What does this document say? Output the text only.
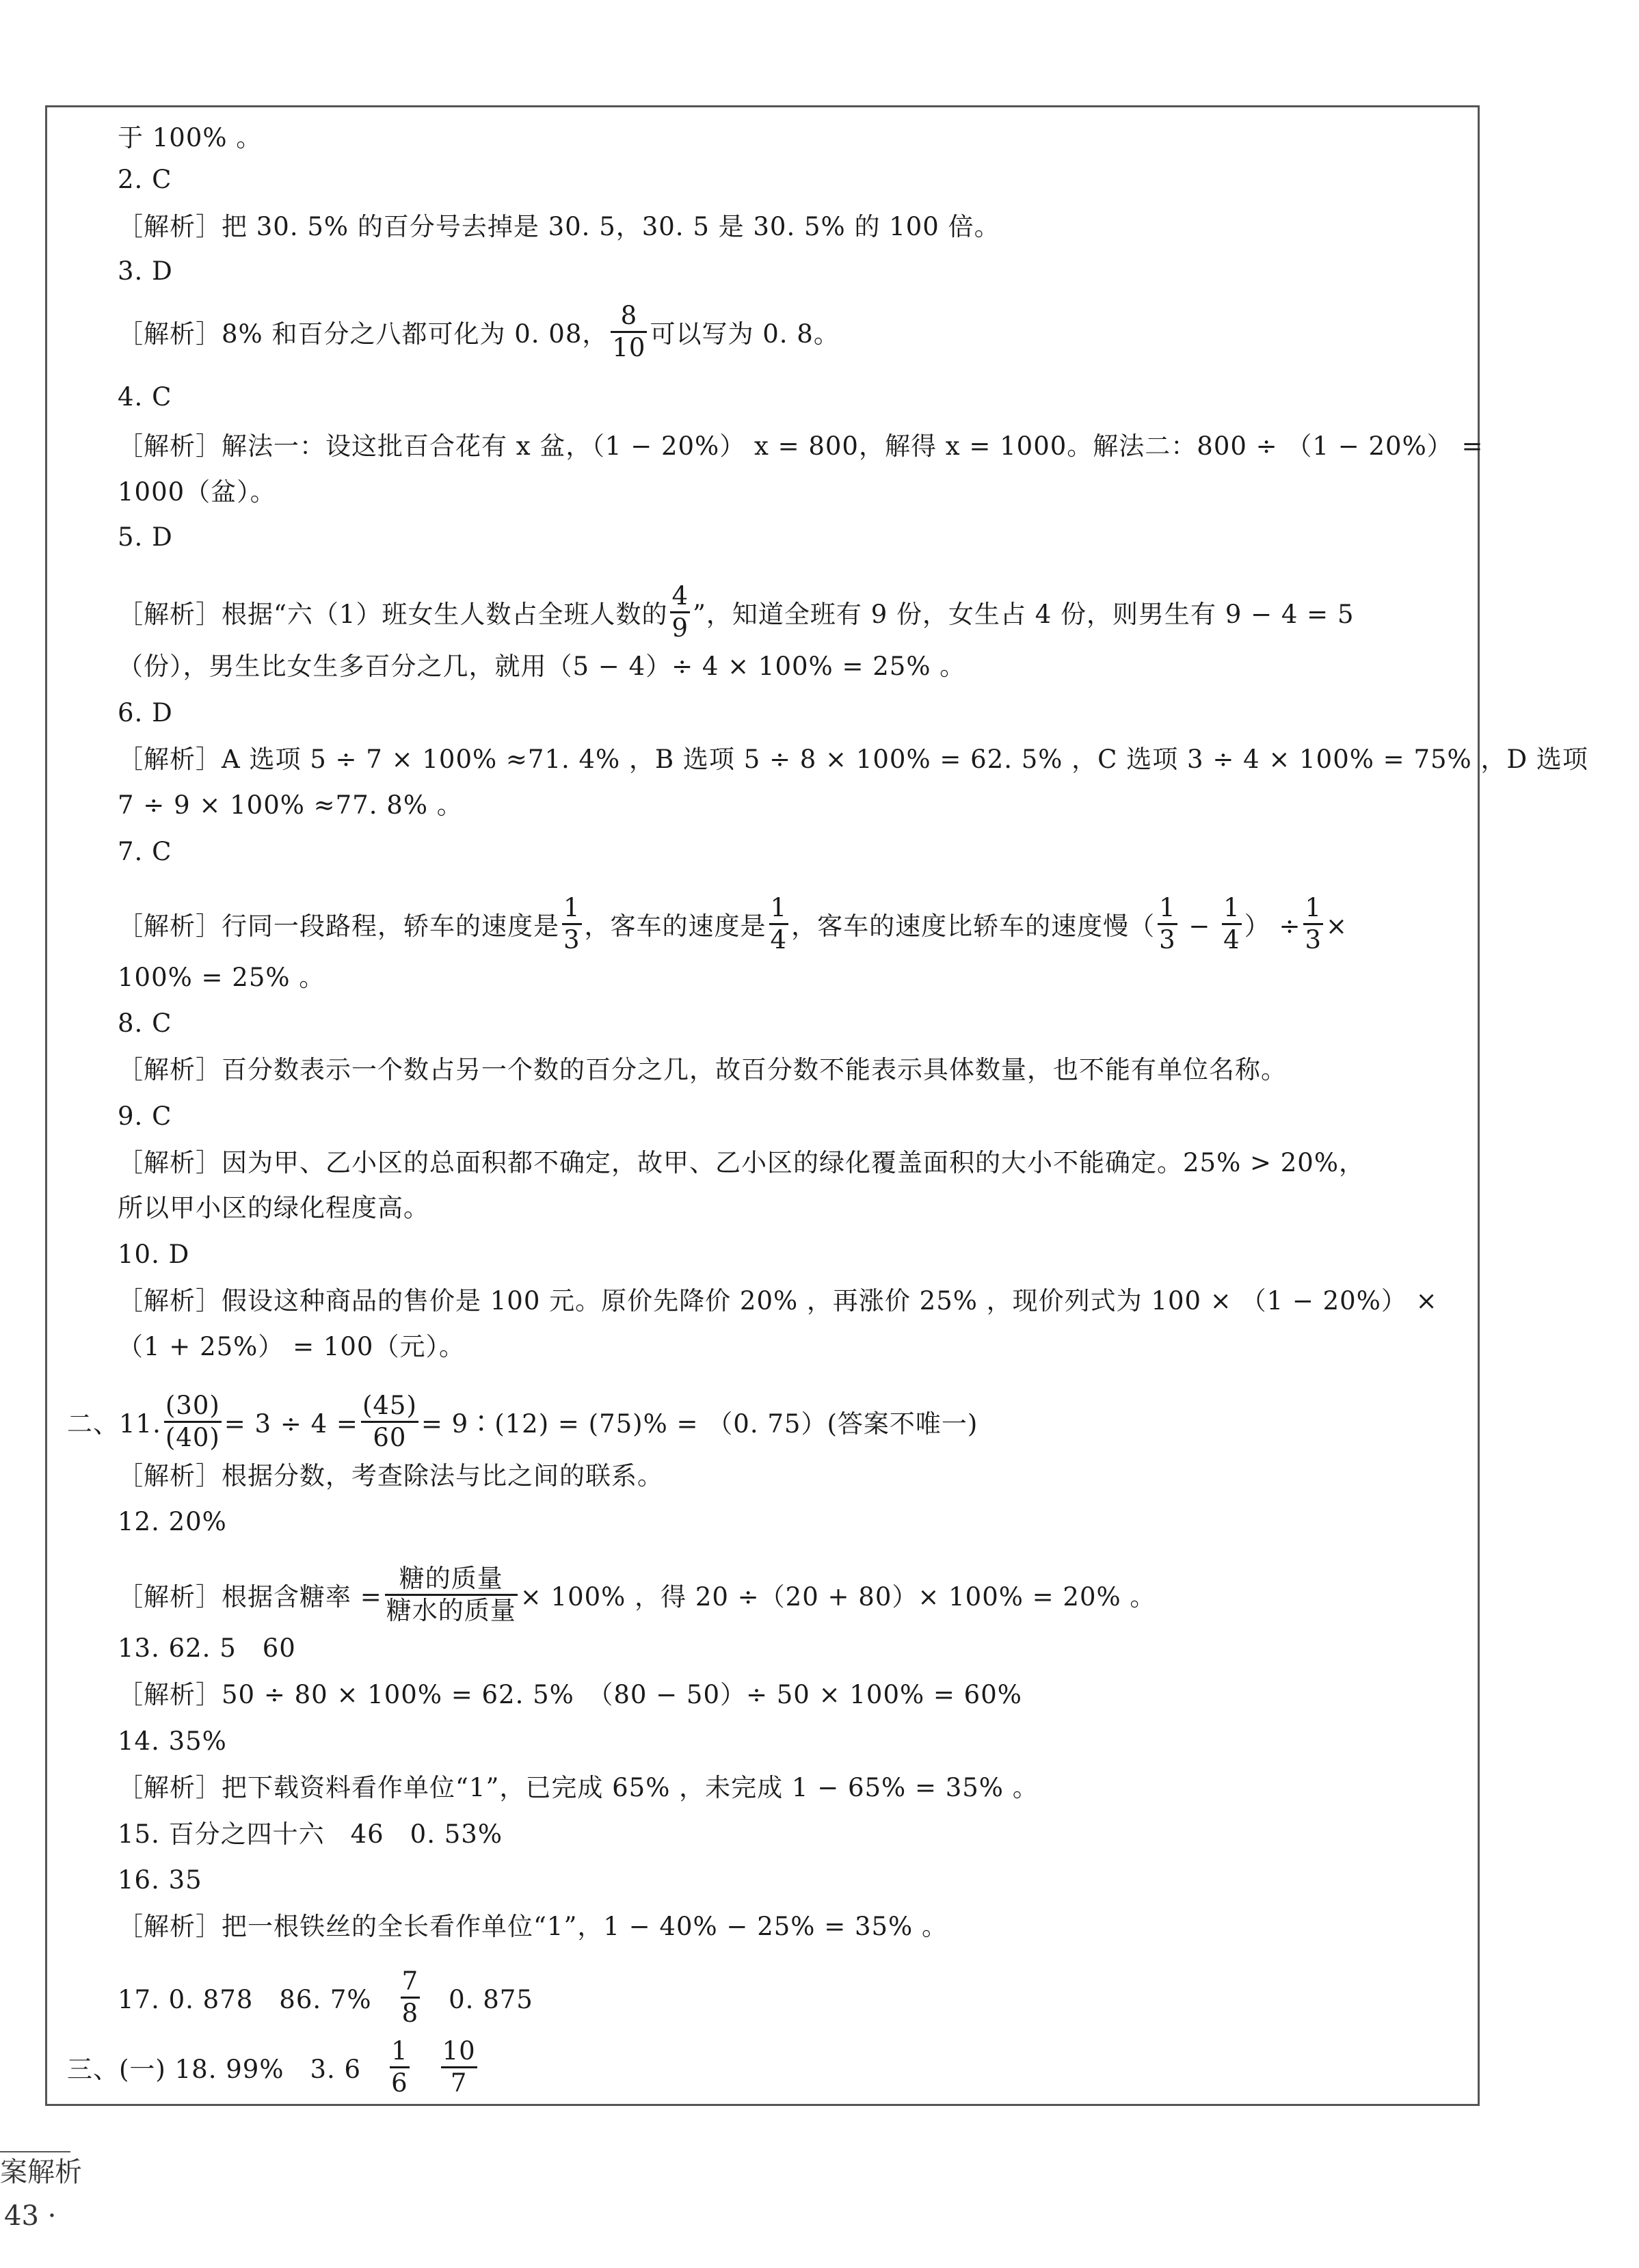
于 100% 。
2. C
［解析］把 30. 5% 的百分号去掉是 30. 5，30. 5 是 30. 5% 的 100 倍。
3. D
［解析］8% 和百分之八都可化为 0. 08， $\frac{8}{10}$ 可以写为 0. 8。
4. C
［解析］解法一：设这批百合花有 x 盆，（1 − 20%） x = 800，解得 x = 1000。解法二：800 ÷ （1 − 20%） =
1000（盆）。
5. D
［解析］根据“六（1）班女生人数占全班人数的 $\frac{4}{9}$ ”，知道全班有 9 份，女生占 4 份，则男生有 9 − 4 = 5
（份），男生比女生多百分之几，就用（5 − 4）÷ 4 × 100% = 25% 。
6. D
［解析］A 选项 5 ÷ 7 × 100% ≈71. 4% ，B 选项 5 ÷ 8 × 100% = 62. 5% ，C 选项 3 ÷ 4 × 100% = 75% ，D 选项
7 ÷ 9 × 100% ≈77. 8% 。
7. C
［解析］行同一段路程，轿车的速度是 $\frac{1}{3}$ ，客车的速度是 $\frac{1}{4}$ ，客车的速度比轿车的速度慢（ $\frac{1}{3} - \frac{1}{4}$ ） ÷ $\frac{1}{3}$ ×
100% = 25% 。
8. C
［解析］百分数表示一个数占另一个数的百分之几，故百分数不能表示具体数量，也不能有单位名称。
9. C
［解析］因为甲、乙小区的总面积都不确定，故甲、乙小区的绿化覆盖面积的大小不能确定。25% > 20%，
所以甲小区的绿化程度高。
10. D
［解析］假设这种商品的售价是 100 元。原价先降价 20% ，再涨价 25% ，现价列式为 100 × （1 − 20%） ×
（1 + 25%） = 100（元）。
二、11. $\frac{(30)}{(40)} = 3 \div 4 = \frac{(45)}{60}$ = 9∶(12) = (75)% = （0. 75）(答案不唯一)
［解析］根据分数，考查除法与比之间的联系。
12. 20%
［解析］根据含糖率 = $\frac{\text{糖的质量}}{\text{糖水的质量}} \times 100\%$ ，得 20 ÷（20 + 80）× 100% = 20% 。
13. 62. 5　60
［解析］50 ÷ 80 × 100% = 62. 5%　（80 − 50）÷ 50 × 100% = 60%
14. 35%
［解析］把下载资料看作单位“1”，已完成 65% ，未完成 1 − 65% = 35% 。
15. 百分之四十六　46　0. 53%
16. 35
［解析］把一根铁丝的全长看作单位“1”，1 − 40% − 25% = 35% 。
17. 0. 878　86. 7%　 $\frac{7}{8}$
　 0. 875
三、(一) 18. 99%　3. 6　 $\frac{1}{6}$
　 $\frac{10}{7}$
案解析
43 ·
